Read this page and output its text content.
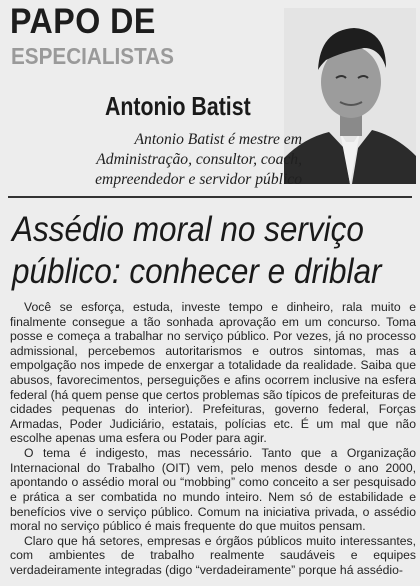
PAPO DE
ESPECIALISTAS
Antonio Batist
Antonio Batist é mestre em
Administração, consultor, coach,
empreendedor e servidor público
Assédio moral no serviço
público: conhecer e driblar

Você se esforça, estuda, investe tempo e dinheiro, rala muito e finalmente consegue a tão sonhada aprovação em um concurso. Toma posse e começa a trabalhar no serviço público. Por vezes, já no processo admissional, percebemos autoritarismos e outros sintomas, mas a empolgação nos impede de enxergar a totalidade da realidade. Saiba que abusos, favorecimentos, perseguições e afins ocorrem inclusive na esfera federal (há quem pense que certos problemas são típicos de prefeituras de cidades pequenas do interior). Prefeituras, governo federal, Forças Armadas, Poder Judiciário, estatais, polícias etc. É um mal que não escolhe apenas uma esfera ou Poder para agir.

O tema é indigesto, mas necessário. Tanto que a Organização Internacional do Trabalho (OIT) vem, pelo menos desde o ano 2000, apontando o assédio moral ou “mobbing” como conceito a ser pesquisado e prática a ser combatida no mundo inteiro. Nem só de estabilidade e benefícios vive o serviço público. Comum na iniciativa privada, o assédio moral no serviço público é mais frequente do que muitos pensam.

Claro que há setores, empresas e órgãos públicos muito interessantes, com ambientes de trabalho realmente saudáveis e equipes verdadeiramente integradas (digo “verdadeiramente” porque há assédio-
